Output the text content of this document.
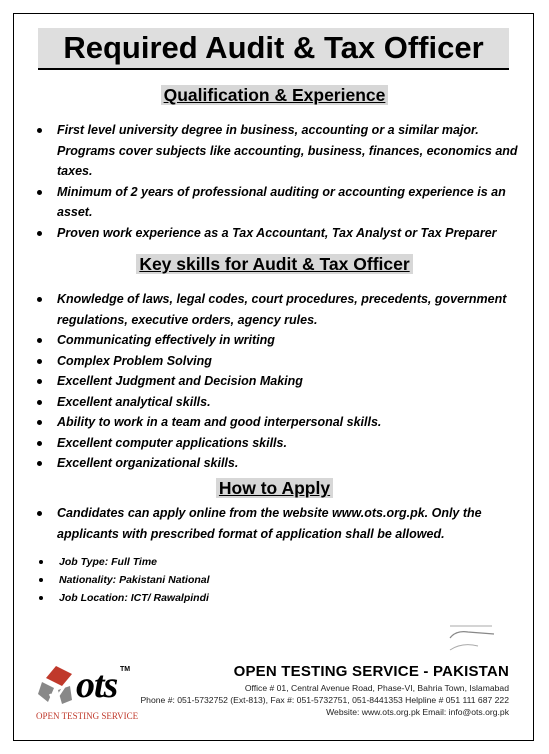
Required Audit & Tax Officer
Qualification & Experience
First level university degree in business, accounting or a similar major. Programs cover subjects like accounting, business, finances, economics and taxes.
Minimum of 2 years of professional auditing or accounting experience is an asset.
Proven work experience as a Tax Accountant, Tax Analyst or Tax Preparer
Key skills for Audit & Tax Officer
Knowledge of laws, legal codes, court procedures, precedents, government regulations, executive orders, agency rules.
Communicating effectively in writing
Complex Problem Solving
Excellent Judgment and Decision Making
Excellent analytical skills.
Ability to work in a team and good interpersonal skills.
Excellent computer applications skills.
Excellent organizational skills.
How to Apply
Candidates can apply online from the website www.ots.org.pk. Only the applicants with prescribed format of application shall be allowed.
Job Type: Full Time
Nationality: Pakistani National
Job Location: ICT/ Rawalpindi
ots TM
OPEN TESTING SERVICE
OPEN TESTING SERVICE - PAKISTAN
Office # 01, Central Avenue Road, Phase-VI, Bahria Town, Islamabad
Phone #: 051-5732752 (Ext-813), Fax #: 051-5732751, 051-8441353 Helpline # 051 111 687 222
Website: www.ots.org.pk Email: info@ots.org.pk
